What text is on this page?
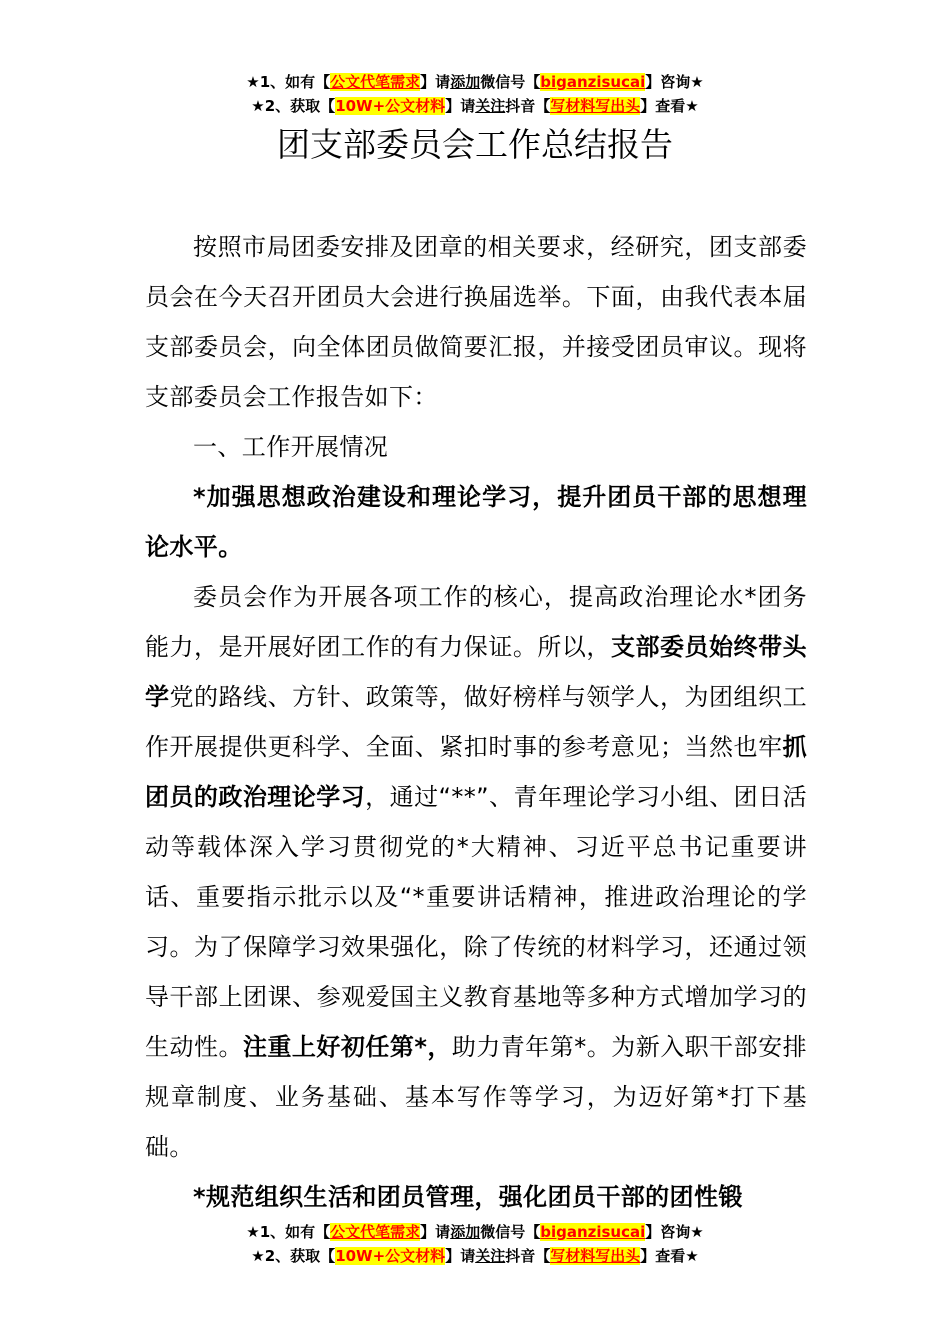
★1、如有【公文代笔需求】请添加微信号【biganzisucai】咨询★
★2、获取【10W+公文材料】请关注抖音【写材料写出头】查看★
团支部委员会工作总结报告

按照市局团委安排及团章的相关要求，经研究，团支部委员会在今天召开团员大会进行换届选举。下面，由我代表本届支部委员会，向全体团员做简要汇报，并接受团员审议。现将支部委员会工作报告如下：

一、工作开展情况

*加强思想政治建设和理论学习，提升团员干部的思想理论水平。

委员会作为开展各项工作的核心，提高政治理论水*团务能力，是开展好团工作的有力保证。所以，支部委员始终带头学党的路线、方针、政策等，做好榜样与领学人，为团组织工作开展提供更科学、全面、紧扣时事的参考意见；当然也牢抓团员的政治理论学习，通过“**”、青年理论学习小组、团日活动等载体深入学习贯彻党的*大精神、习近平总书记重要讲话、重要指示批示以及“*重要讲话精神，推进政治理论的学习。为了保障学习效果强化，除了传统的材料学习，还通过领导干部上团课、参观爱国主义教育基地等多种方式增加学习的生动性。注重上好初任第*，助力青年第*。为新入职干部安排规章制度、业务基础、基本写作等学习，为迈好第*打下基础。

*规范组织生活和团员管理，强化团员干部的团性锻

★1、如有【公文代笔需求】请添加微信号【biganzisucai】咨询★
★2、获取【10W+公文材料】请关注抖音【写材料写出头】查看★
